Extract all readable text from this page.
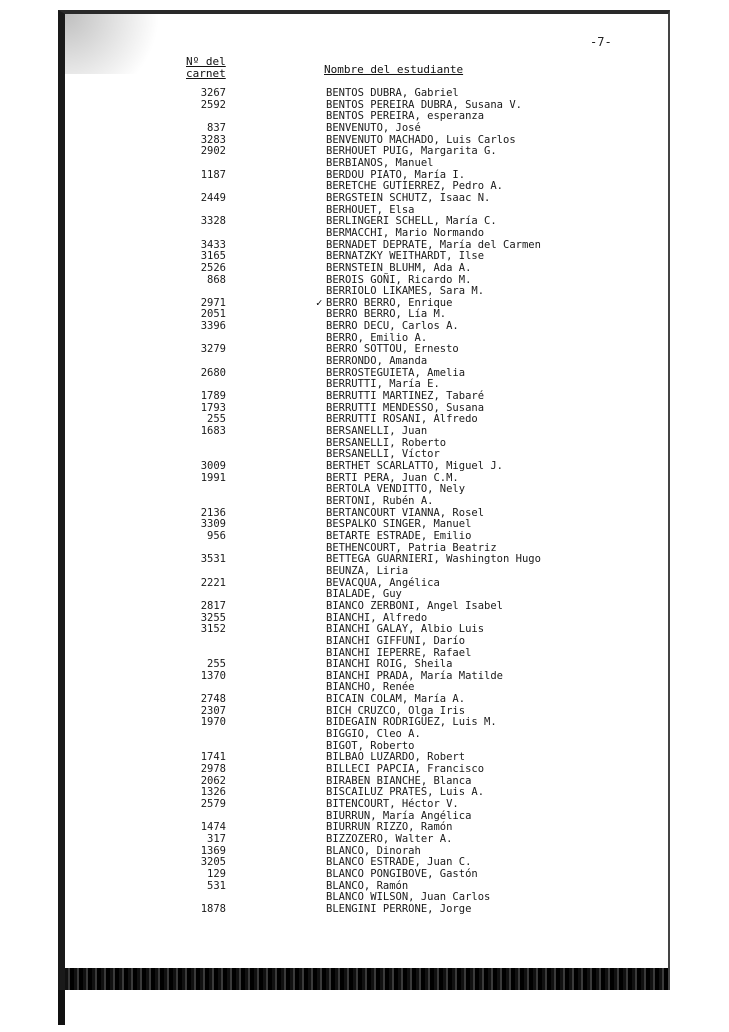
-7-
Nº del
carnet	Nombre del estudiante
3267	BENTOS DUBRA, Gabriel
2592	BENTOS PEREIRA DUBRA, Susana V.
BENTOS PEREIRA, esperanza
837	BENVENUTO, José
3283	BENVENUTO MACHADO, Luis Carlos
2902	BERHOUET PUIG, Margarita G.
BERBIANOS, Manuel
1187	BERDOU PIATO, María I.
BERETCHE GUTIERREZ, Pedro A.
2449	BERGSTEIN SCHUTZ, Isaac N.
BERHOUET, Elsa
3328	BERLINGERI SCHELL, María C.
BERMACCHI, Mario Normando
3433	BERNADET DEPRATE, María del Carmen
3165	BERNATZKY WEITHARDT, Ilse
2526	BERNSTEIN BLUHM, Ada A.
868	BEROIS GOÑI, Ricardo M.
BERRIOLO LIKAMES, Sara M.
2971	✓ BERRO BERRO, Enrique
2051	BERRO BERRO, Lía M.
3396	BERRO DECU, Carlos A.
BERRO, Emilio A.
3279	BERRO SOTTOU, Ernesto
BERRONDO, Amanda
2680	BERROSTEGUIETA, Amelia
BERRUTTI, María E.
1789	BERRUTTI MARTINEZ, Tabaré
1793	BERRUTTI MENDESSO, Susana
255	BERRUTTI ROSANI, Alfredo
1683	BERSANELLI, Juan
BERSANELLI, Roberto
BERSANELLI, Víctor
3009	BERTHET SCARLATTO, Miguel J.
1991	BERTI PERA, Juan C.M.
BERTOLA VENDITTO, Nely
BERTONI, Rubén A.
2136	BERTANCOURT VIANNA, Rosel
3309	BESPALKO SINGER, Manuel
956	BETARTE ESTRADE, Emilio
BETHENCOURT, Patria Beatriz
3531	BETTEGA GUARNIERI, Washington Hugo
BEUNZA, Liria
2221	BEVACQUA, Angélica
BIALADE, Guy
2817	BIANCO ZERBONI, Angel Isabel
3255	BIANCHI, Alfredo
3152	BIANCHI GALAY, Albio Luis
BIANCHI GIFFUNI, Darío
BIANCHI IEPERRE, Rafael
255	BIANCHI ROIG, Sheila
1370	BIANCHI PRADA, María Matilde
BIANCHO, Renée
2748	BICAIN COLAM, María A.
2307	BICH CRUZCO, Olga Iris
1970	BIDEGAIN RODRIGUEZ, Luis M.
BIGGIO, Cleo A.
BIGOT, Roberto
1741	BILBAO LUZARDO, Robert
2978	BILLECI PAPCIA, Francisco
2062	BIRABEN BIANCHE, Blanca
1326	BISCAILUZ PRATES, Luis A.
2579	BITENCOURT, Héctor V.
BIURRUN, María Angélica
1474	BIURRUN RIZZO, Ramón
317	BIZZOZERO, Walter A.
1369	BLANCO, Dinorah
3205	BLANCO ESTRADE, Juan C.
129	BLANCO PONGIBOVE, Gastón
531	BLANCO, Ramón
BLANCO WILSON, Juan Carlos
1878	BLENGINI PERRONE, Jorge
